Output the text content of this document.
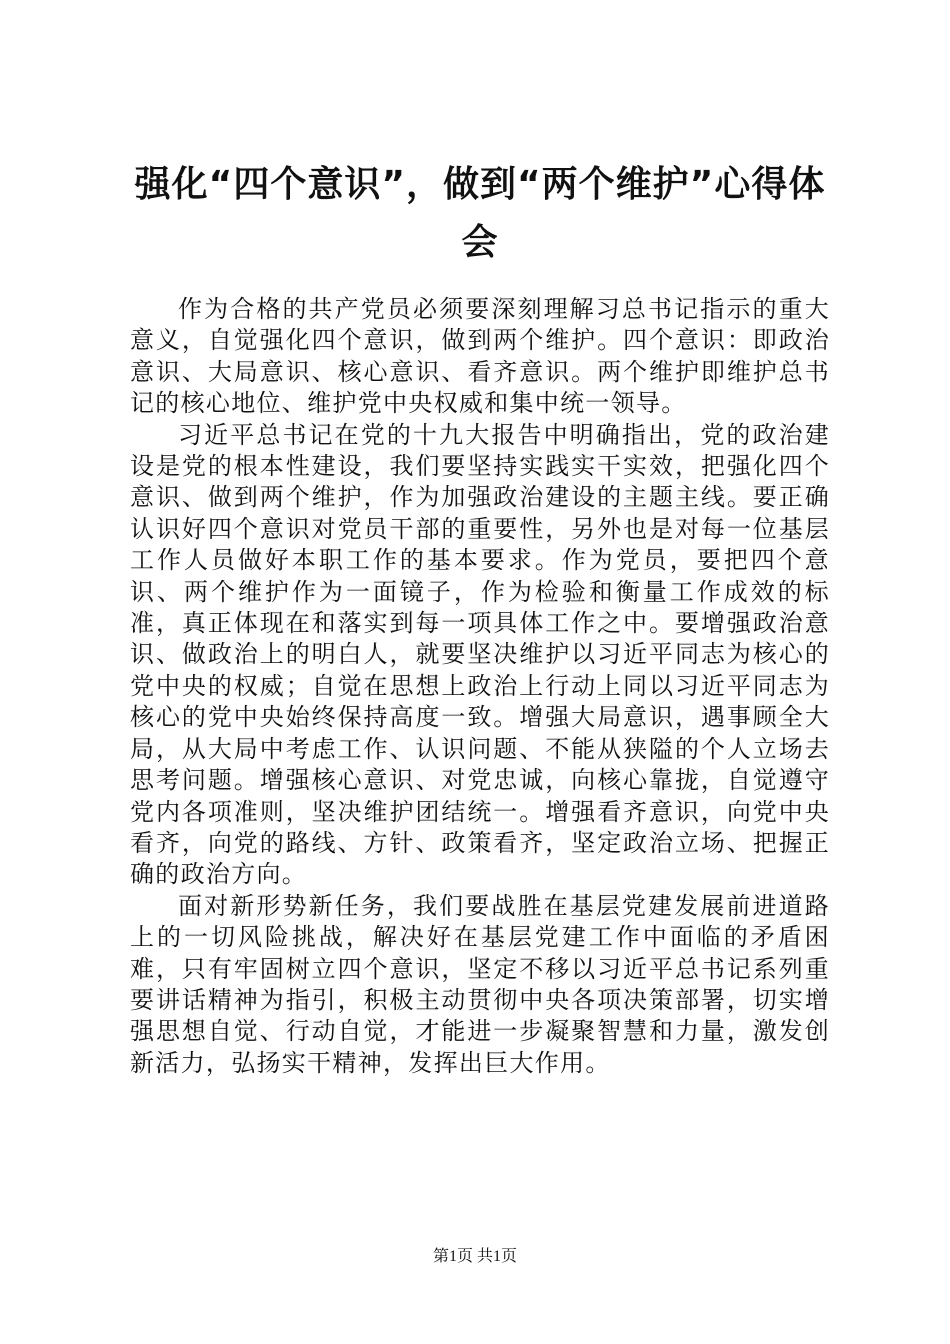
强化“四个意识”，做到“两个维护”心得体会

作为合格的共产党员必须要深刻理解习总书记指示的重大意义，自觉强化四个意识，做到两个维护。四个意识：即政治意识、大局意识、核心意识、看齐意识。两个维护即维护总书记的核心地位、维护党中央权威和集中统一领导。

习近平总书记在党的十九大报告中明确指出，党的政治建设是党的根本性建设，我们要坚持实践实干实效，把强化四个意识、做到两个维护，作为加强政治建设的主题主线。要正确认识好四个意识对党员干部的重要性，另外也是对每一位基层工作人员做好本职工作的基本要求。作为党员，要把四个意识、两个维护作为一面镜子，作为检验和衡量工作成效的标准，真正体现在和落实到每一项具体工作之中。要增强政治意识、做政治上的明白人，就要坚决维护以习近平同志为核心的党中央的权威；自觉在思想上政治上行动上同以习近平同志为核心的党中央始终保持高度一致。增强大局意识，遇事顾全大局，从大局中考虑工作、认识问题、不能从狭隘的个人立场去思考问题。增强核心意识、对党忠诚，向核心靠拢，自觉遵守党内各项准则，坚决维护团结统一。增强看齐意识，向党中央看齐，向党的路线、方针、政策看齐，坚定政治立场、把握正确的政治方向。

面对新形势新任务，我们要战胜在基层党建发展前进道路上的一切风险挑战，解决好在基层党建工作中面临的矛盾困难，只有牢固树立四个意识，坚定不移以习近平总书记系列重要讲话精神为指引，积极主动贯彻中央各项决策部署，切实增强思想自觉、行动自觉，才能进一步凝聚智慧和力量，激发创新活力，弘扬实干精神，发挥出巨大作用。

第1页 共1页
